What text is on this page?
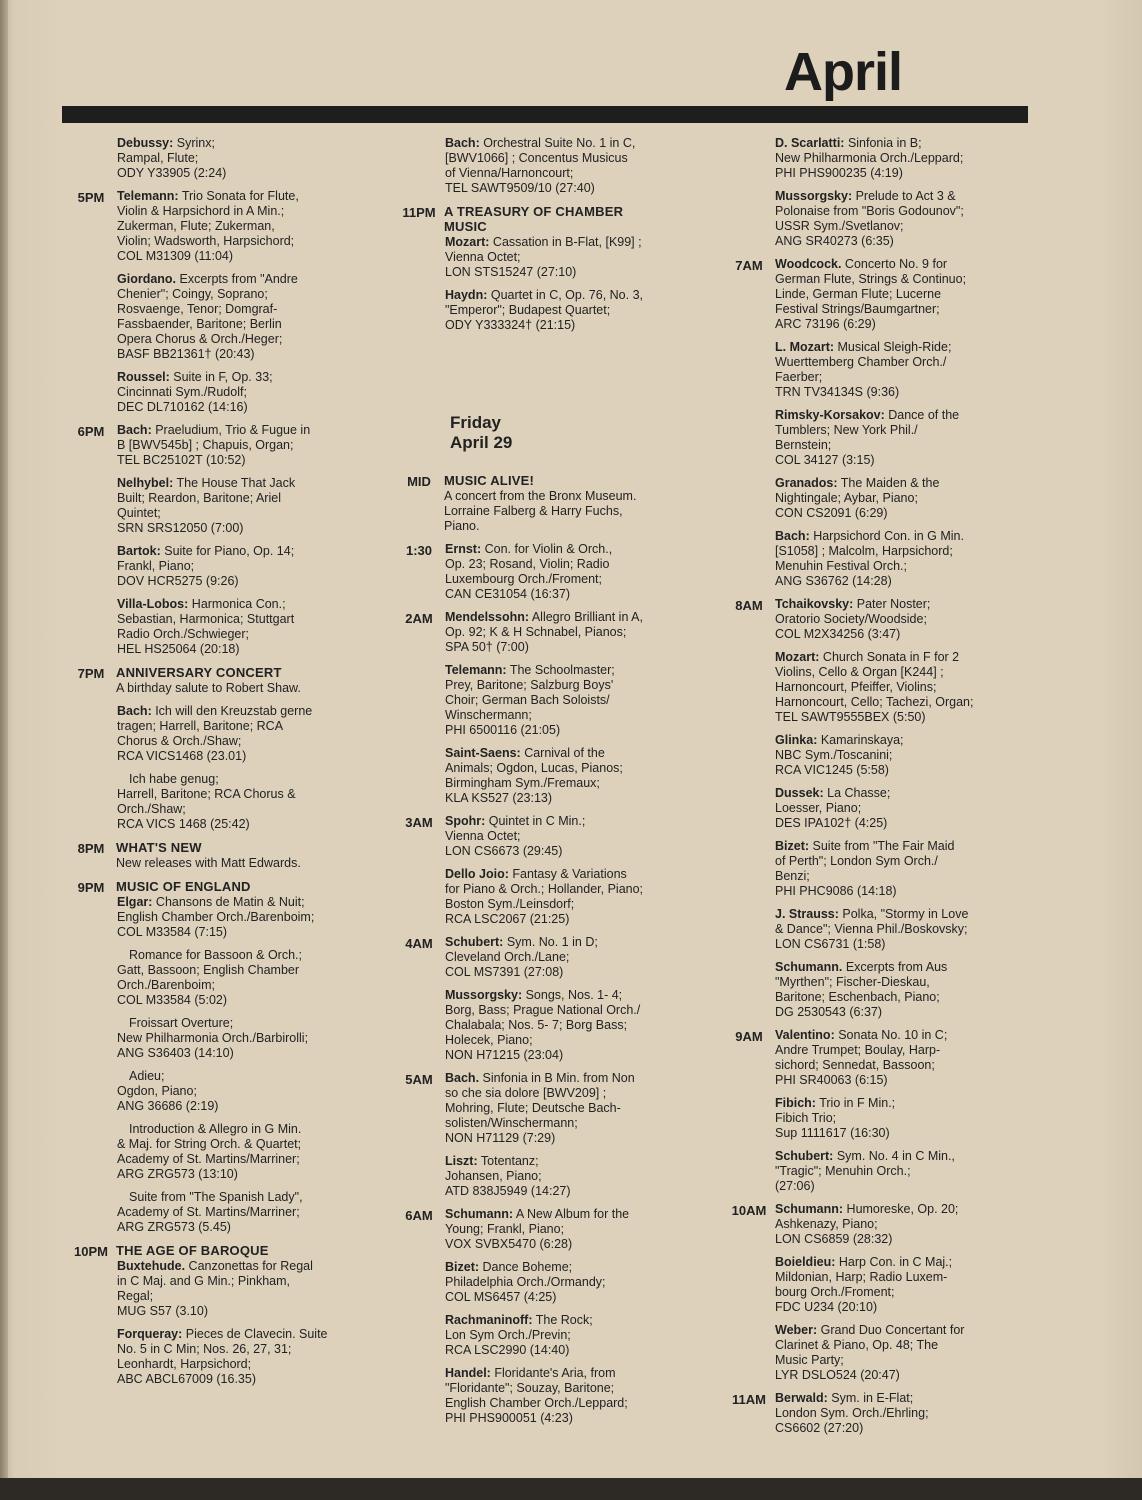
April
Debussy: Syrinx;
Rampal, Flute;
ODY Y33905 (2:24)
5PM	Telemann: Trio Sonata for Flute,
Violin & Harpsichord in A Min.;
Zukerman, Flute; Zukerman,
Violin; Wadsworth, Harpsichord;
COL M31309 (11:04)
Giordano. Excerpts from "Andre
Chenier"; Coingy, Soprano;
Rosvaenge, Tenor; Domgraf-
Fassbaender, Baritone; Berlin
Opera Chorus & Orch./Heger;
BASF BB21361† (20:43)
Roussel: Suite in F, Op. 33;
Cincinnati Sym./Rudolf;
DEC DL710162 (14:16)
6PM	Bach: Praeludium, Trio & Fugue in
B [BWV545b] ; Chapuis, Organ;
TEL BC25102T (10:52)
Nelhybel: The House That Jack
Built; Reardon, Baritone; Ariel
Quintet;
SRN SRS12050 (7:00)
Bartok: Suite for Piano, Op. 14;
Frankl, Piano;
DOV HCR5275 (9:26)
Villa-Lobos: Harmonica Con.;
Sebastian, Harmonica; Stuttgart
Radio Orch./Schwieger;
HEL HS25064 (20:18)
7PM ANNIVERSARY CONCERT
A birthday salute to Robert Shaw.
Bach: Ich will den Kreuzstab gerne
tragen; Harrell, Baritone; RCA
Chorus & Orch./Shaw;
RCA VICS1468 (23.01)
Ich habe genug;
Harrell, Baritone; RCA Chorus &
Orch./Shaw;
RCA VICS 1468 (25:42)
8PM WHAT'S NEW
New releases with Matt Edwards.
9PM MUSIC OF ENGLAND
Elgar: Chansons de Matin & Nuit;
English Chamber Orch./Barenboim;
COL M33584 (7:15)
Romance for Bassoon & Orch.;
Gatt, Bassoon; English Chamber
Orch./Barenboim;
COL M33584 (5:02)
Froissart Overture;
New Philharmonia Orch./Barbirolli;
ANG S36403 (14:10)
Adieu;
Ogdon, Piano;
ANG 36686 (2:19)
Introduction & Allegro in G Min.
& Maj. for String Orch. & Quartet;
Academy of St. Martins/Marriner;
ARG ZRG573 (13:10)
Suite from "The Spanish Lady",
Academy of St. Martins/Marriner;
ARG ZRG573 (5.45)
10PM THE AGE OF BAROQUE
Buxtehude. Canzonettas for Regal
in C Maj. and G Min.; Pinkham,
Regal;
MUG S57 (3.10)
Forqueray: Pieces de Clavecin. Suite
No. 5 in C Min; Nos. 26, 27, 31;
Leonhardt, Harpsichord;
ABC ABCL67009 (16.35)
Bach: Orchestral Suite No. 1 in C,
[BWV1066] ; Concentus Musicus
of Vienna/Harnoncourt;
TEL SAWT9509/10 (27:40)
11PM A TREASURY OF CHAMBER
MUSIC
Mozart: Cassation in B-Flat, [K99] ;
Vienna Octet;
LON STS15247 (27:10)
Haydn: Quartet in C, Op. 76, No. 3,
"Emperor"; Budapest Quartet;
ODY Y333324† (21:15)
Friday
April 29
MID	MUSIC ALIVE!
A concert from the Bronx Museum.
Lorraine Falberg & Harry Fuchs,
Piano.
1:30	Ernst: Con. for Violin & Orch.,
Op. 23; Rosand, Violin; Radio
Luxembourg Orch./Froment;
CAN CE31054 (16:37)
2AM Mendelssohn: Allegro Brilliant in A,
Op. 92; K & H Schnabel, Pianos;
SPA 50† (7:00)
Telemann: The Schoolmaster;
Prey, Baritone; Salzburg Boys'
Choir; German Bach Soloists/
Winschermann;
PHI 6500116 (21:05)
Saint-Saens: Carnival of the
Animals; Ogdon, Lucas, Pianos;
Birmingham Sym./Fremaux;
KLA KS527 (23:13)
3AM Spohr: Quintet in C Min.;
Vienna Octet;
LON CS6673 (29:45)
Dello Joio: Fantasy & Variations
for Piano & Orch.; Hollander, Piano;
Boston Sym./Leinsdorf;
RCA LSC2067 (21:25)
4AM Schubert: Sym. No. 1 in D;
Cleveland Orch./Lane;
COL MS7391 (27:08)
Mussorgsky: Songs, Nos. 1- 4;
Borg, Bass; Prague National Orch./
Chalabala; Nos. 5- 7; Borg Bass;
Holecek, Piano;
NON H71215 (23:04)
5AM Bach. Sinfonia in B Min. from Non
so che sia dolore [BWV209] ;
Mohring, Flute; Deutsche Bach-
solisten/Winschermann;
NON H71129 (7:29)
Liszt: Totentanz;
Johansen, Piano;
ATD 838J5949 (14:27)
6AM Schumann: A New Album for the
Young; Frankl, Piano;
VOX SVBX5470 (6:28)
Bizet: Dance Boheme;
Philadelphia Orch./Ormandy;
COL MS6457 (4:25)
Rachmaninoff: The Rock;
Lon Sym Orch./Previn;
RCA LSC2990 (14:40)
Handel: Floridante's Aria, from
"Floridante"; Souzay, Baritone;
English Chamber Orch./Leppard;
PHI PHS900051 (4:23)
D. Scarlatti: Sinfonia in B;
New Philharmonia Orch./Leppard;
PHI PHS900235 (4:19)
Mussorgsky: Prelude to Act 3 &
Polonaise from "Boris Godounov";
USSR Sym./Svetlanov;
ANG SR40273 (6:35)
7AM Woodcock. Concerto No. 9 for
German Flute, Strings & Continuo;
Linde, German Flute; Lucerne
Festival Strings/Baumgartner;
ARC 73196 (6:29)
L. Mozart: Musical Sleigh-Ride;
Wuerttemberg Chamber Orch./
Faerber;
TRN TV34134S (9:36)
Rimsky-Korsakov: Dance of the
Tumblers; New York Phil./
Bernstein;
COL 34127 (3:15)
Granados: The Maiden & the
Nightingale; Aybar, Piano;
CON CS2091 (6:29)
Bach: Harpsichord Con. in G Min.
[S1058] ; Malcolm, Harpsichord;
Menuhin Festival Orch.;
ANG S36762 (14:28)
8AM Tchaikovsky: Pater Noster;
Oratorio Society/Woodside;
COL M2X34256 (3:47)
Mozart: Church Sonata in F for 2
Violins, Cello & Organ [K244] ;
Harnoncourt, Pfeiffer, Violins;
Harnoncourt, Cello; Tachezi, Organ;
TEL SAWT9555BEX (5:50)
Glinka: Kamarinskaya;
NBC Sym./Toscanini;
RCA VIC1245 (5:58)
Dussek: La Chasse;
Loesser, Piano;
DES IPA102† (4:25)
Bizet: Suite from "The Fair Maid
of Perth"; London Sym Orch./
Benzi;
PHI PHC9086 (14:18)
J. Strauss: Polka, "Stormy in Love
& Dance"; Vienna Phil./Boskovsky;
LON CS6731 (1:58)
Schumann. Excerpts from Aus
"Myrthen"; Fischer-Dieskau,
Baritone; Eschenbach, Piano;
DG 2530543 (6:37)
9AM Valentino: Sonata No. 10 in C;
Andre Trumpet; Boulay, Harp-
sichord; Sennedat, Bassoon;
PHI SR40063 (6:15)
Fibich: Trio in F Min.;
Fibich Trio;
Sup 1111617 (16:30)
Schubert: Sym. No. 4 in C Min.,
"Tragic"; Menuhin Orch.;
(27:06)
10AM Schumann: Humoreske, Op. 20;
Ashkenazy, Piano;
LON CS6859 (28:32)
Boieldieu: Harp Con. in C Maj.;
Mildonian, Harp; Radio Luxem-
bourg Orch./Froment;
FDC U234 (20:10)
Weber: Grand Duo Concertant for
Clarinet & Piano, Op. 48; The
Music Party;
LYR DSLO524 (20:47)
11AM Berwald: Sym. in E-Flat;
London Sym. Orch./Ehrling;
CS6602 (27:20)
